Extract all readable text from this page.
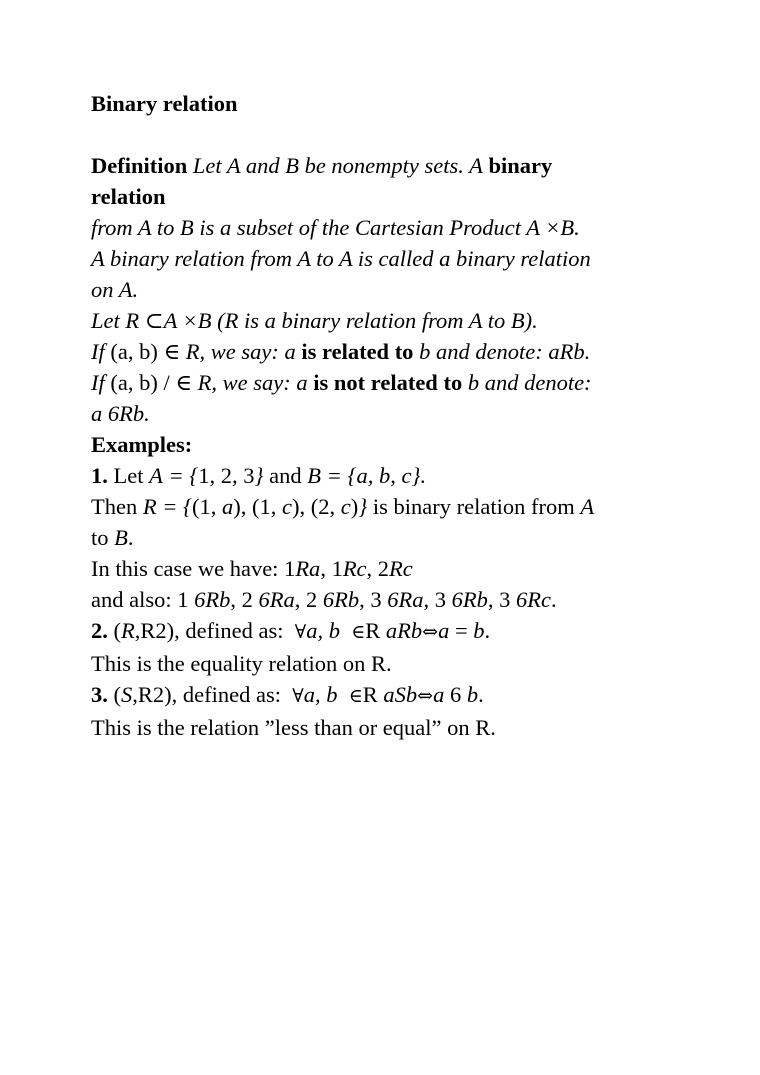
Binary relation
Definition Let A and B be nonempty sets. A binary
relation
from A to B is a subset of the Cartesian Product A ×B.
A binary relation from A to A is called a binary relation
on A.
Let R ⊂A ×B (R is a binary relation from A to B).
If (a, b) ∈ R, we say: a is related to b and denote: aRb.
If (a, b) / ∈ R, we say: a is not related to b and denote:
a 6Rb.
Examples:
1. Let A = {1, 2, 3} and B = {a, b, c}.
Then R = {(1, a), (1, c), (2, c)} is binary relation from A
to B.
In this case we have: 1Ra, 1Rc, 2Rc
and also: 1 6Rb, 2 6Ra, 2 6Rb, 3 6Ra, 3 6Rb, 3 6Rc.
2. (R,R2), defined as: ∀a, b ∈R aRb⇔a = b.
This is the equality relation on R.
3. (S,R2), defined as: ∀a, b ∈R aSb⇔a 6 b.
This is the relation ”less than or equal” on R.
